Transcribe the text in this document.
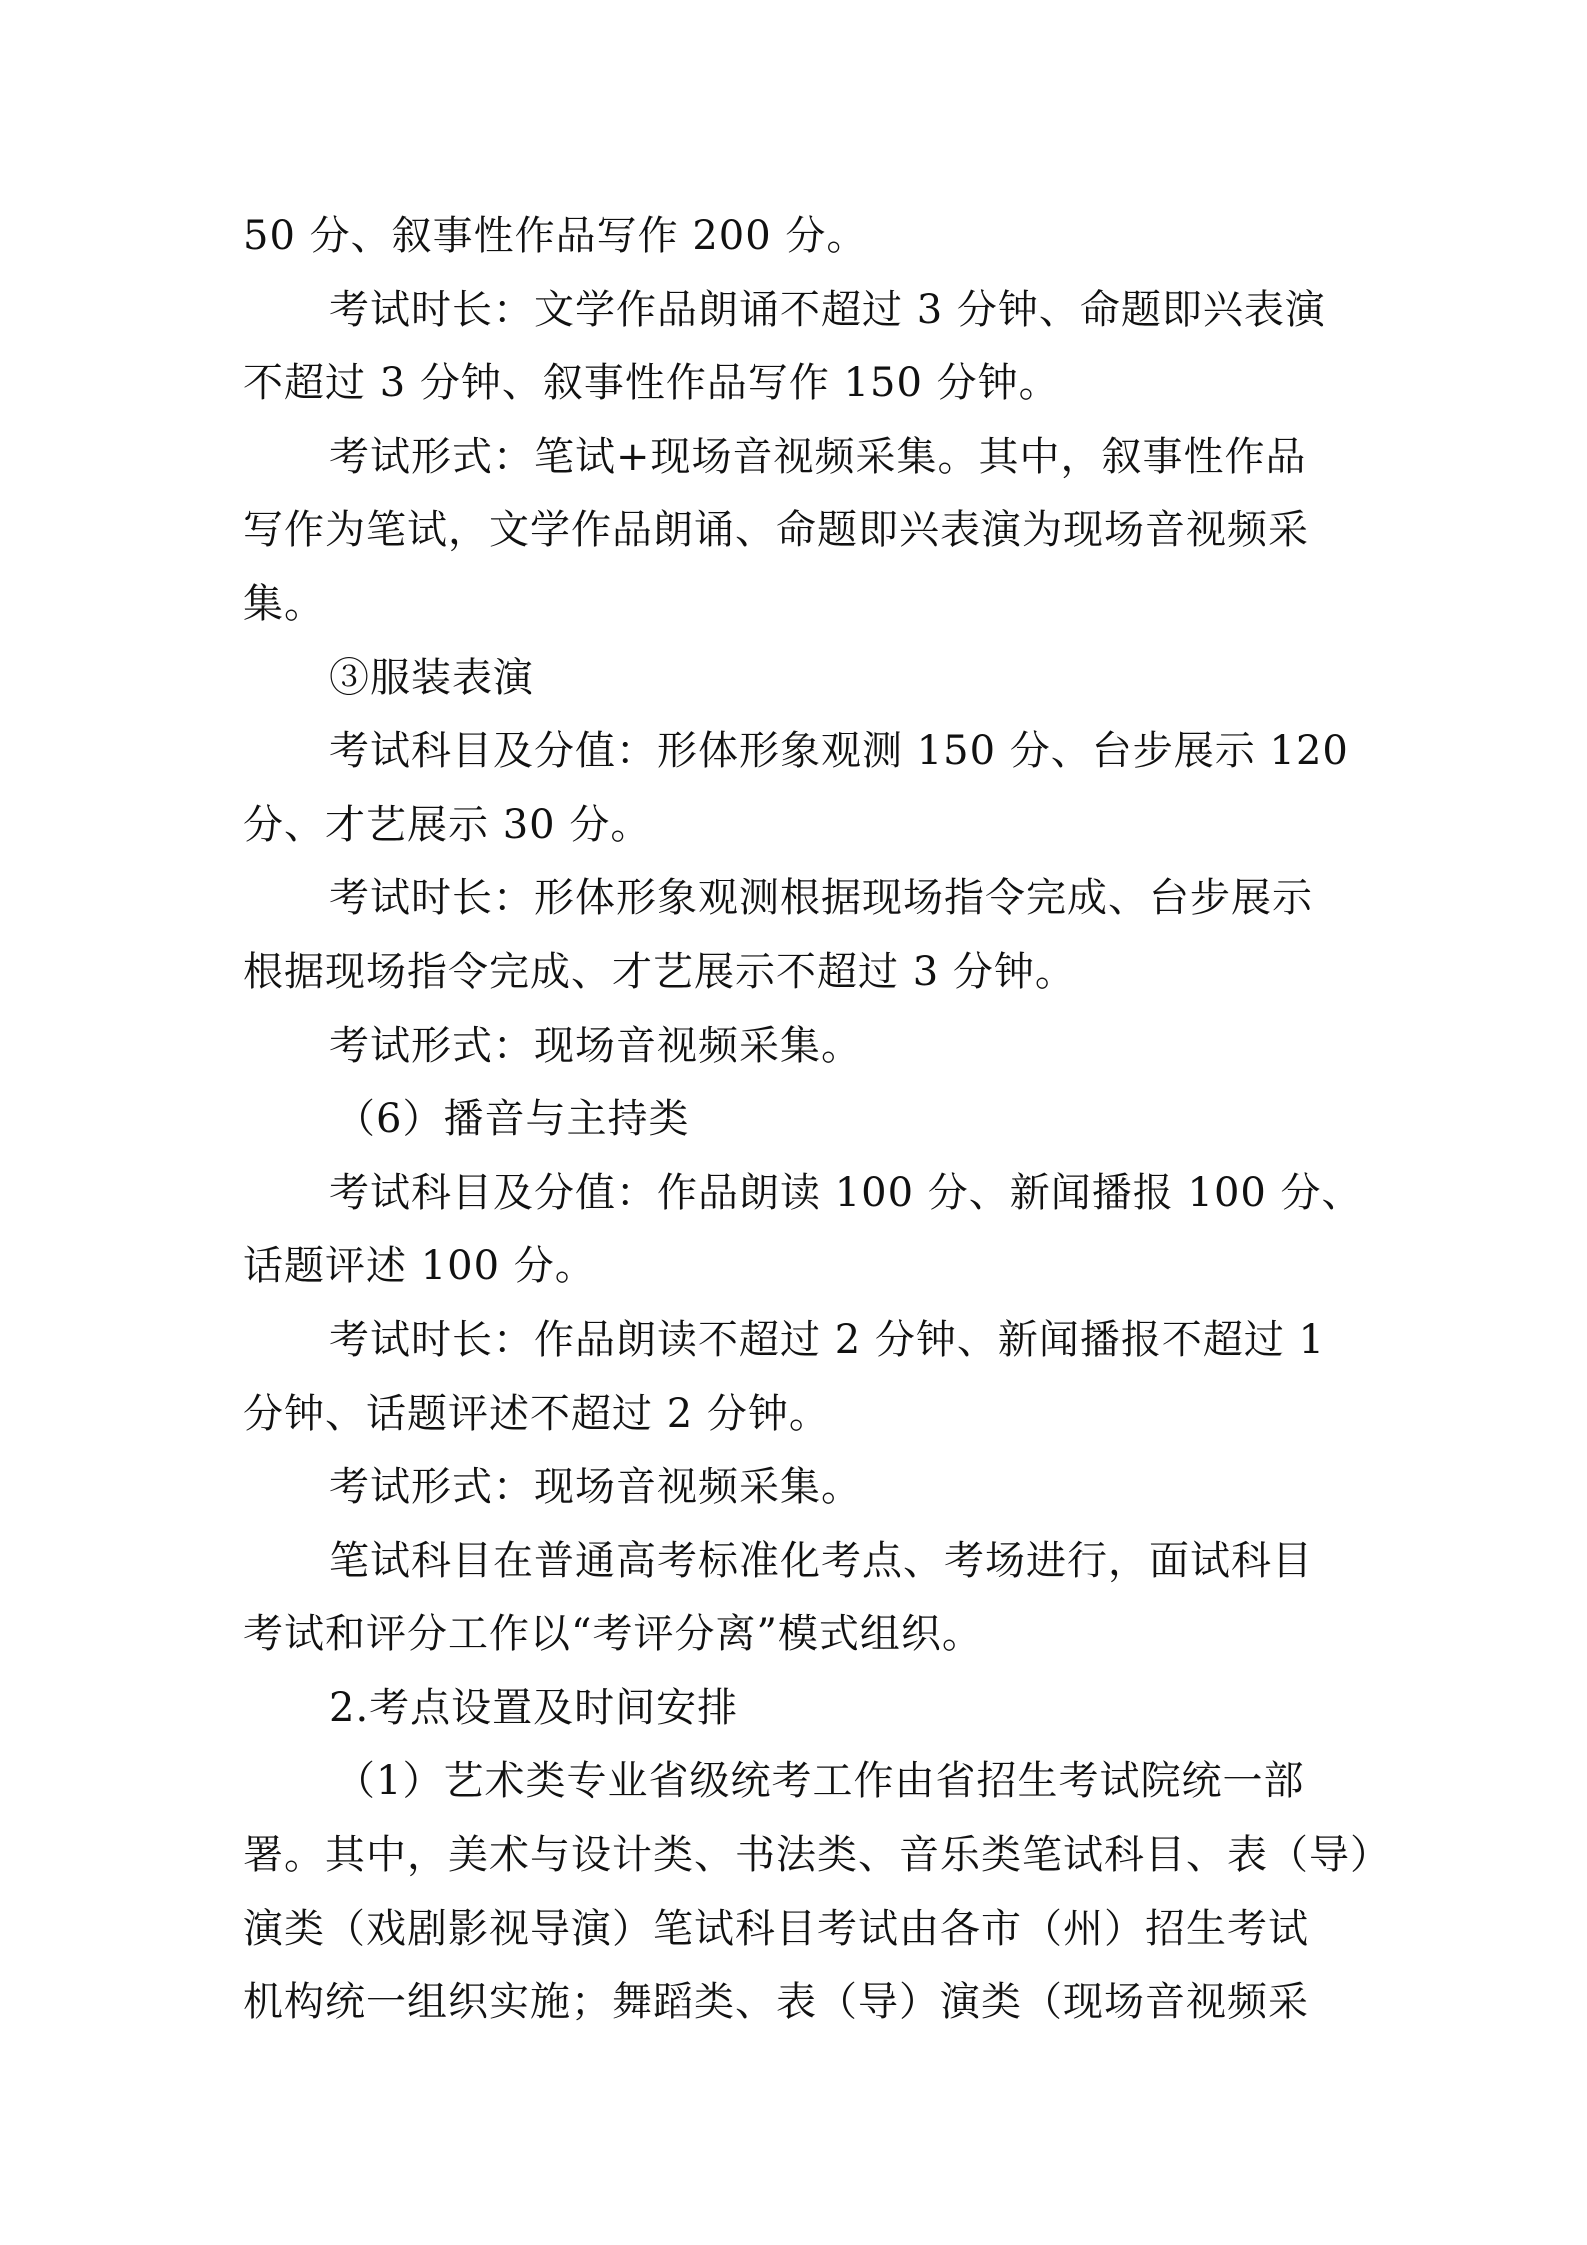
50 分、叙事性作品写作 200 分。
考试时长：文学作品朗诵不超过 3 分钟、命题即兴表演
不超过 3 分钟、叙事性作品写作 150 分钟。
考试形式：笔试+现场音视频采集。其中，叙事性作品
写作为笔试，文学作品朗诵、命题即兴表演为现场音视频采
集。
③服装表演
考试科目及分值：形体形象观测 150 分、台步展示 120
分、才艺展示 30 分。
考试时长：形体形象观测根据现场指令完成、台步展示
根据现场指令完成、才艺展示不超过 3 分钟。
考试形式：现场音视频采集。
（6）播音与主持类
考试科目及分值：作品朗读 100 分、新闻播报 100 分、
话题评述 100 分。
考试时长：作品朗读不超过 2 分钟、新闻播报不超过 1
分钟、话题评述不超过 2 分钟。
考试形式：现场音视频采集。
笔试科目在普通高考标准化考点、考场进行，面试科目
考试和评分工作以“考评分离”模式组织。
2.考点设置及时间安排
（1）艺术类专业省级统考工作由省招生考试院统一部
署。其中，美术与设计类、书法类、音乐类笔试科目、表（导）
演类（戏剧影视导演）笔试科目考试由各市（州）招生考试
机构统一组织实施；舞蹈类、表（导）演类（现场音视频采
